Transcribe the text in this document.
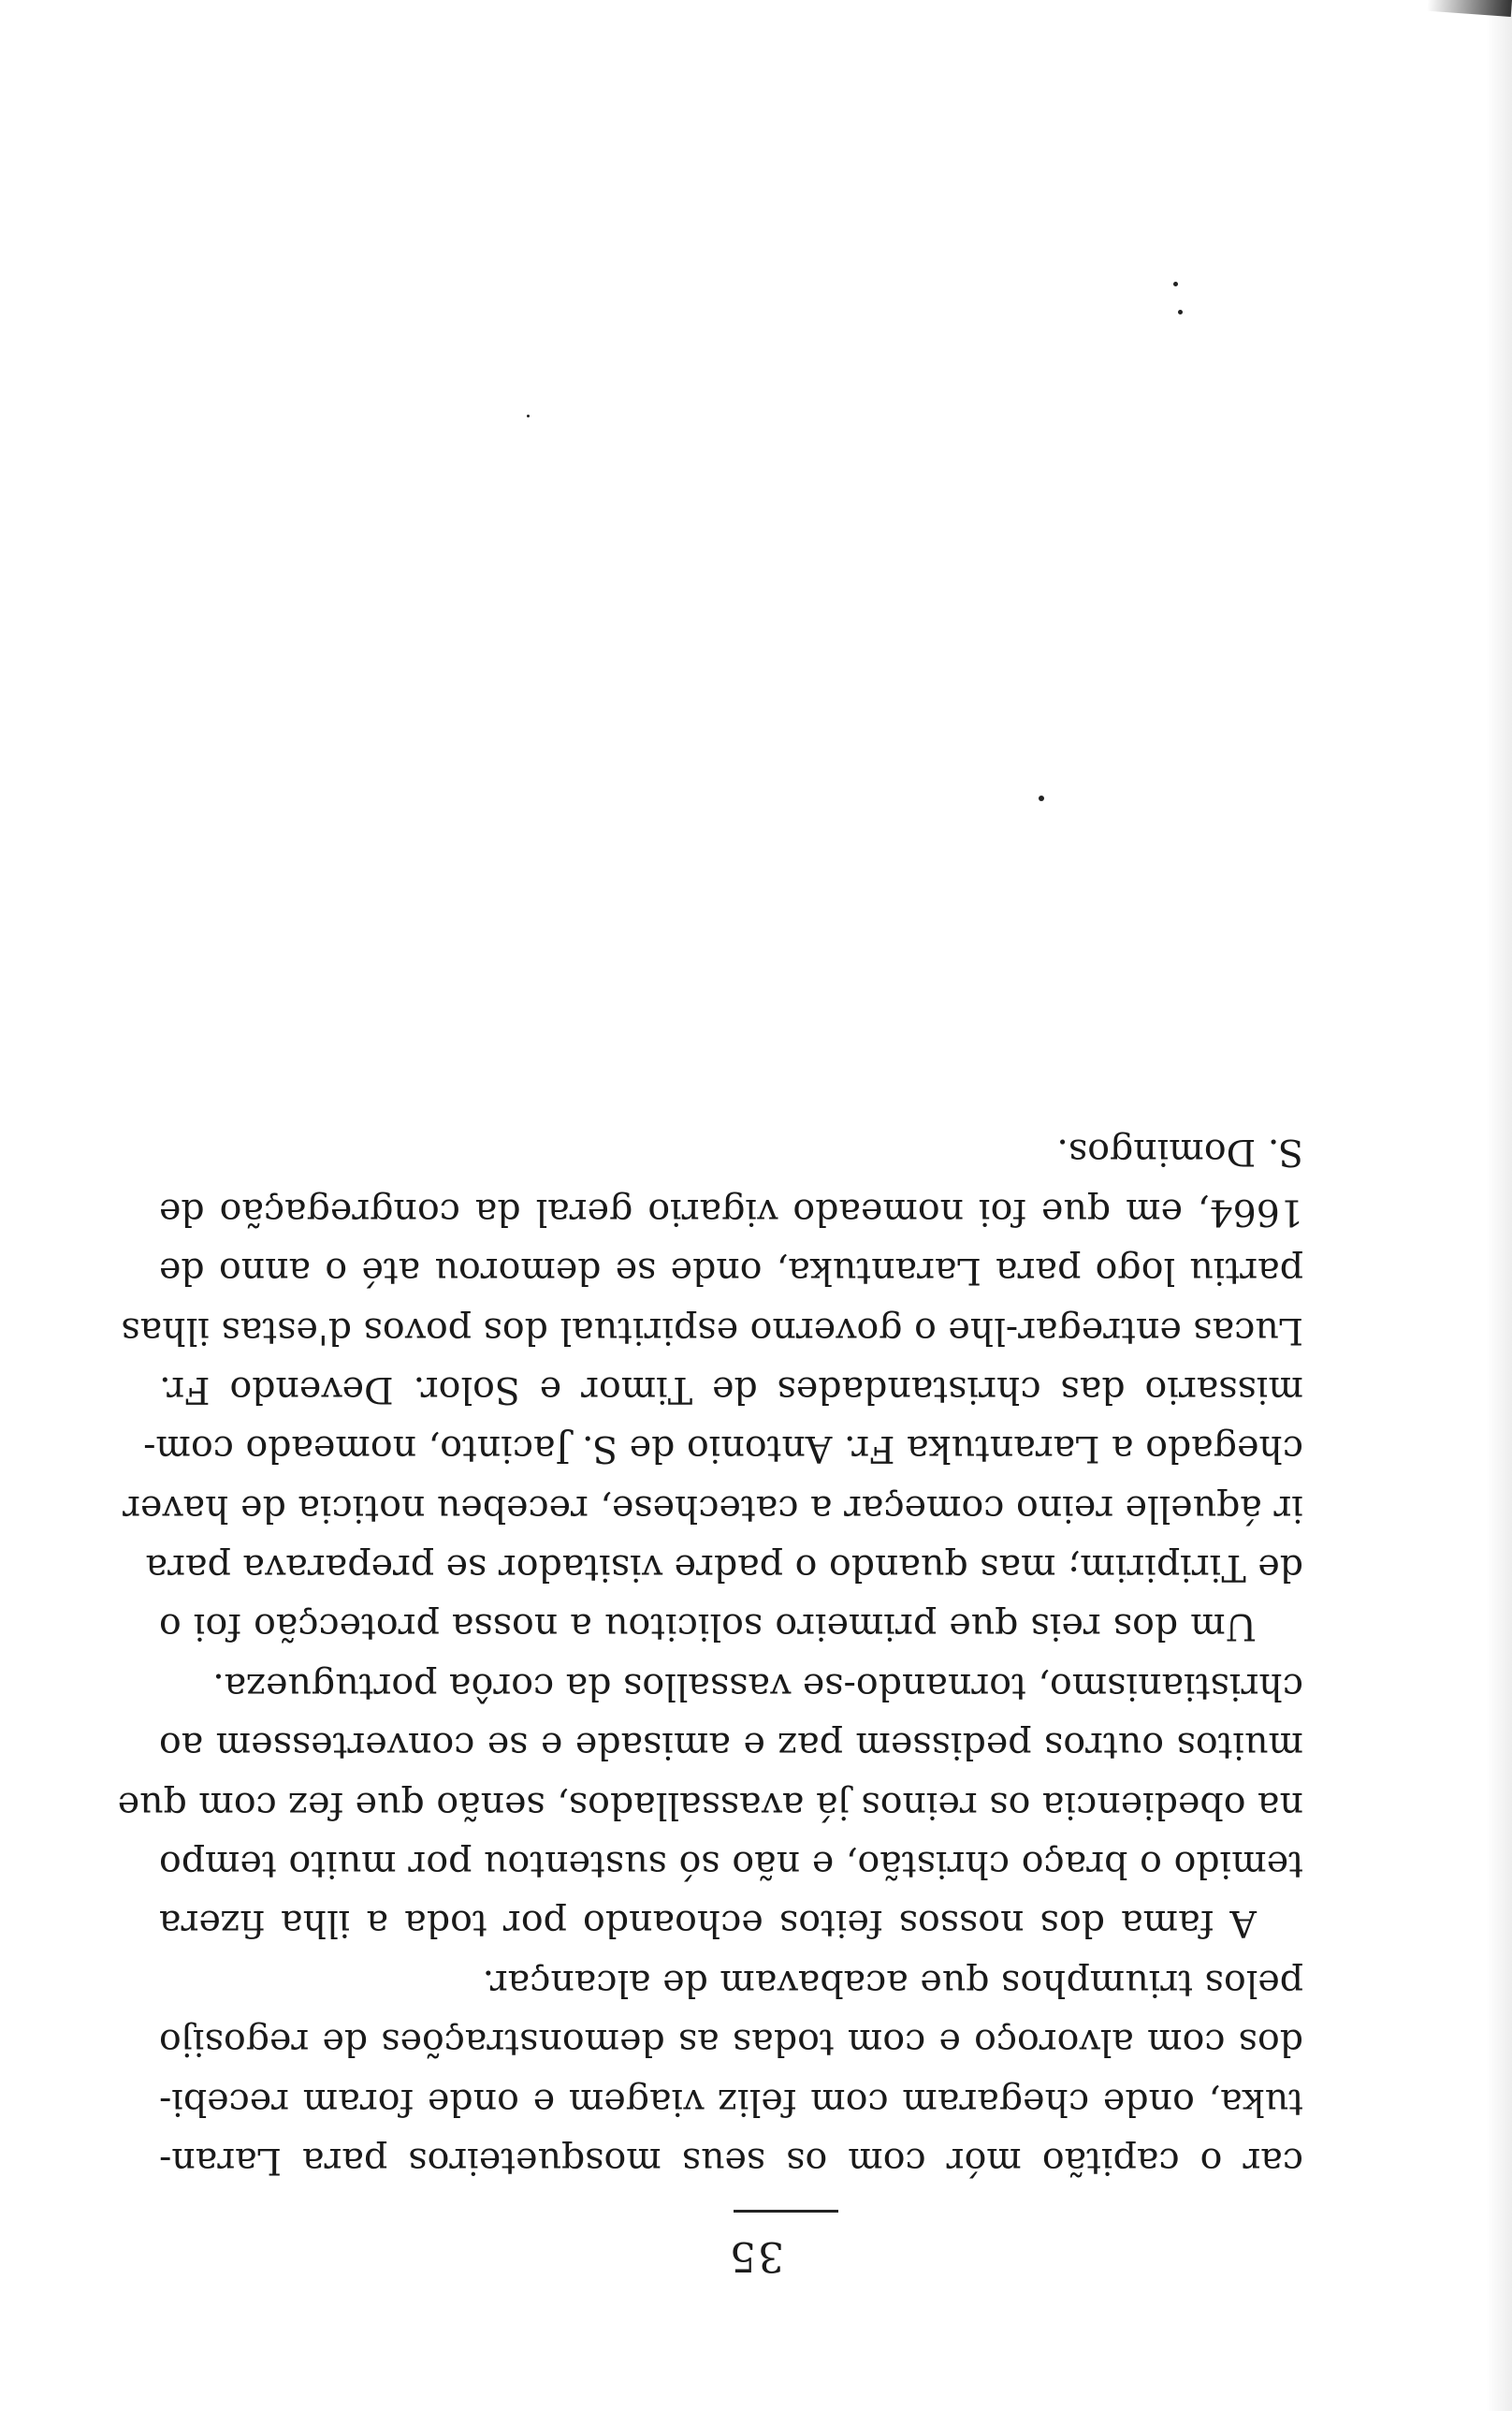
35
car o capitão mór com os seus mosqueteiros para Laran-
tuka, onde chegaram com feliz viagem e onde foram recebi-
dos com alvoroço e com todas as demonstrações de regosijo
pelos triumphos que acabavam de alcançar.
A fama dos nossos feitos echoando por toda a ilha fizera
temido o braço christão, e não só sustentou por muito tempo
na obediencia os reinos já avassallados, senão que fez com que
muitos outros pedissem paz e amisade e se convertessem ao
christianismo, tornando-se vassallos da corôa portugueza.
Um dos reis que primeiro solicitou a nossa protecção foi o
de Tiripirim; mas quando o padre visitador se preparava para
ir áquelle reino começar a catechese, recebeu noticia de haver
chegado a Larantuka Fr. Antonio de S. Jacinto, nomeado com-
missario das christandades de Timor e Solor. Devendo Fr.
Lucas entregar-lhe o governo espiritual dos povos d'estas ilhas
partiu logo para Larantuka, onde se demorou até o anno de
1664, em que foi nomeado vigario geral da congregação de
S. Domingos.
